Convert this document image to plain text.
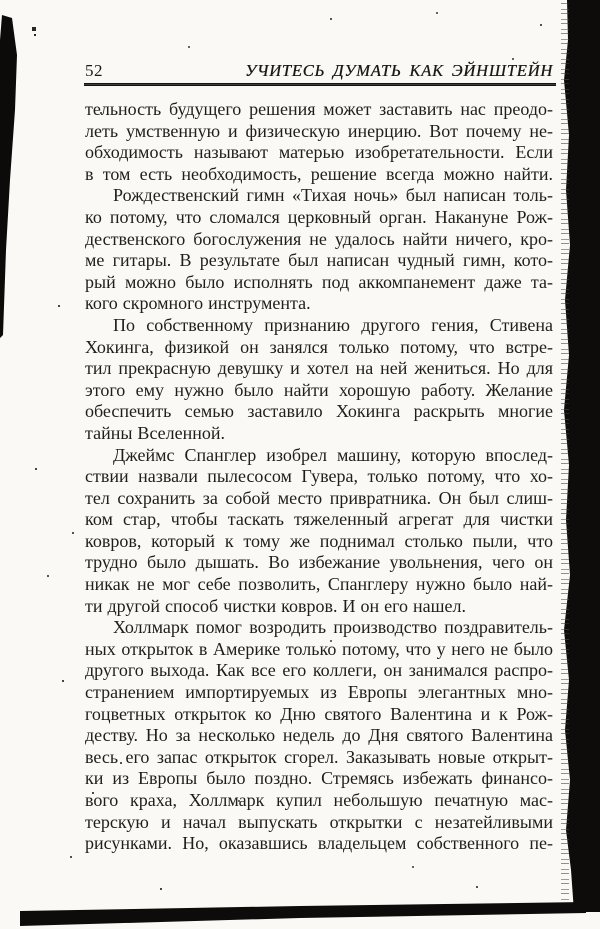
52	УЧИТЕСЬ ДУМАТЬ КАК ЭЙНШТЕЙН
тельность будущего решения может заставить нас преодо-
леть умственную и физическую инерцию. Вот почему не-
обходимость называют матерью изобретательности. Если
в том есть необходимость, решение всегда можно найти.
Рождественский гимн «Тихая ночь» был написан толь-
ко потому, что сломался церковный орган. Накануне Рож-
дественского богослужения не удалось найти ничего, кро-
ме гитары. В результате был написан чудный гимн, кото-
рый можно было исполнять под аккомпанемент даже та-
кого скромного инструмента.
По собственному признанию другого гения, Стивена
Хокинга, физикой он занялся только потому, что встре-
тил прекрасную девушку и хотел на ней жениться. Но для
этого ему нужно было найти хорошую работу. Желание
обеспечить семью заставило Хокинга раскрыть многие
тайны Вселенной.
Джеймс Спанглер изобрел машину, которую впослед-
ствии назвали пылесосом Гувера, только потому, что хо-
тел сохранить за собой место привратника. Он был слиш-
ком стар, чтобы таскать тяжеленный агрегат для чистки
ковров, который к тому же поднимал столько пыли, что
трудно было дышать. Во избежание увольнения, чего он
никак не мог себе позволить, Спанглеру нужно было най-
ти другой способ чистки ковров. И он его нашел.
Холлмарк помог возродить производство поздравитель-
ных открыток в Америке только потому, что у него не было
другого выхода. Как все его коллеги, он занимался распро-
странением импортируемых из Европы элегантных мно-
гоцветных открыток ко Дню святого Валентина и к Рож-
деству. Но за несколько недель до Дня святого Валентина
весь его запас открыток сгорел. Заказывать новые открыт-
ки из Европы было поздно. Стремясь избежать финансо-
вого краха, Холлмарк купил небольшую печатную мас-
терскую и начал выпускать открытки с незатейливыми
рисунками. Но, оказавшись владельцем собственного пе-
